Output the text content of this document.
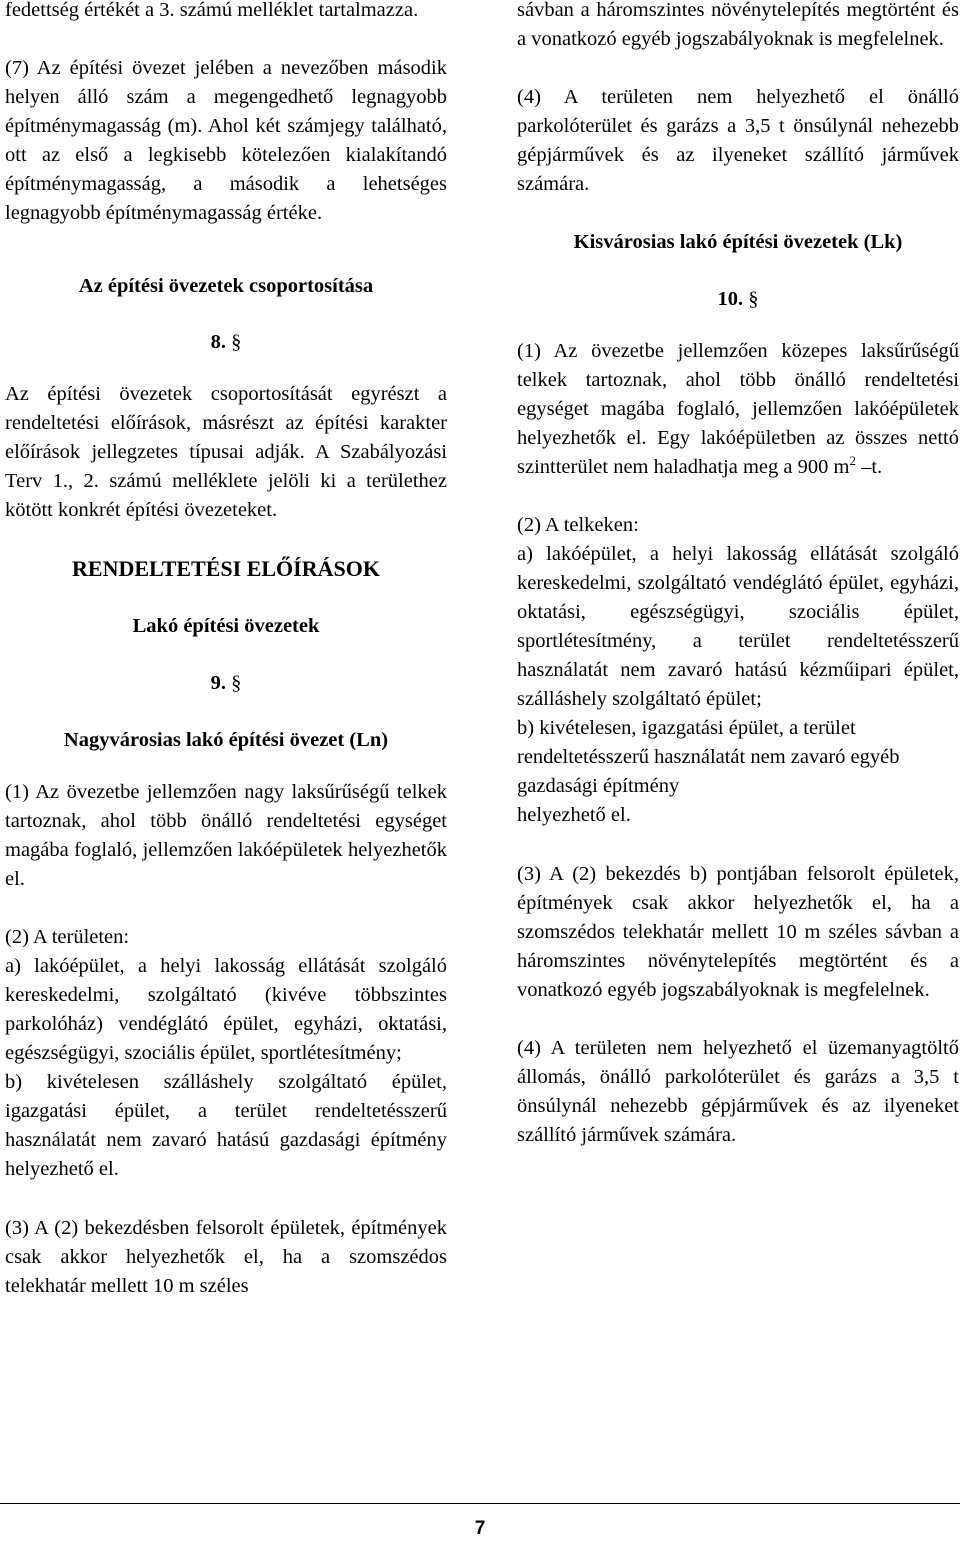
fedettség értékét a 3. számú melléklet tartalmazza.

(7) Az építési övezet jelében a nevezőben második helyen álló szám a megengedhető legnagyobb építménymagasság (m). Ahol két számjegy található, ott az első a legkisebb kötelezően kialakítandó építménymagasság, a második a lehetséges legnagyobb építménymagasság értéke.

Az építési övezetek csoportosítása

8. §

Az építési övezetek csoportosítását egyrészt a rendeltetési előírások, másrészt az építési karakter előírások jellegzetes típusai adják. A Szabályozási Terv 1., 2. számú melléklete jelöli ki a területhez kötött konkrét építési övezeteket.

RENDELTETÉSI ELŐÍRÁSOK

Lakó építési övezetek

9. §

Nagyvárosias lakó építési övezet (Ln)

(1) Az övezetbe jellemzően nagy laksűrűségű telkek tartoznak, ahol több önálló rendeltetési egységet magába foglaló, jellemzően lakóépületek helyezhetők el.

(2) A területen:

a) lakóépület, a helyi lakosság ellátását szolgáló kereskedelmi, szolgáltató (kivéve többszintes parkolóház) vendéglátó épület, egyházi, oktatási, egészségügyi, szociális épület, sportlétesítmény;

b) kivételesen szálláshely szolgáltató épület, igazgatási épület, a terület rendeltetésszerű használatát nem zavaró hatású gazdasági építmény helyezhető el.

(3) A (2) bekezdésben felsorolt épületek, építmények csak akkor helyezhetők el, ha a szomszédos telekhatár mellett 10 m széles

sávban a háromszintes növénytelepítés megtörtént és a vonatkozó egyéb jogszabályoknak is megfelelnek.

(4) A területen nem helyezhető el önálló parkolóterület és garázs a 3,5 t önsúlynál nehezebb gépjárművek és az ilyeneket szállító járművek számára.

Kisvárosias lakó építési övezetek (Lk)

10. §

(1) Az övezetbe jellemzően közepes laksűrűségű telkek tartoznak, ahol több önálló rendeltetési egységet magába foglaló, jellemzően lakóépületek helyezhetők el. Egy lakóépületben az összes nettó szintterület nem haladhatja meg a 900 $m^2$ –t.

(2) A telkeken:

a) lakóépület, a helyi lakosság ellátását szolgáló kereskedelmi, szolgáltató vendéglátó épület, egyházi, oktatási, egészségügyi, szociális épület, sportlétesítmény, a terület rendeltetésszerű használatát nem zavaró hatású kézműipari épület, szálláshely szolgáltató épület;

b) kivételesen, igazgatási épület, a terület rendeltetésszerű használatát nem zavaró egyéb gazdasági építmény

helyezhető el.

(3) A (2) bekezdés b) pontjában felsorolt épületek, építmények csak akkor helyezhetők el, ha a szomszédos telekhatár mellett 10 m széles sávban a háromszintes növénytelepítés megtörtént és a vonatkozó egyéb jogszabályoknak is megfelelnek.

(4) A területen nem helyezhető el üzemanyagtöltő állomás, önálló parkolóterület és garázs a 3,5 t önsúlynál nehezebb gépjárművek és az ilyeneket szállító járművek számára.

7
